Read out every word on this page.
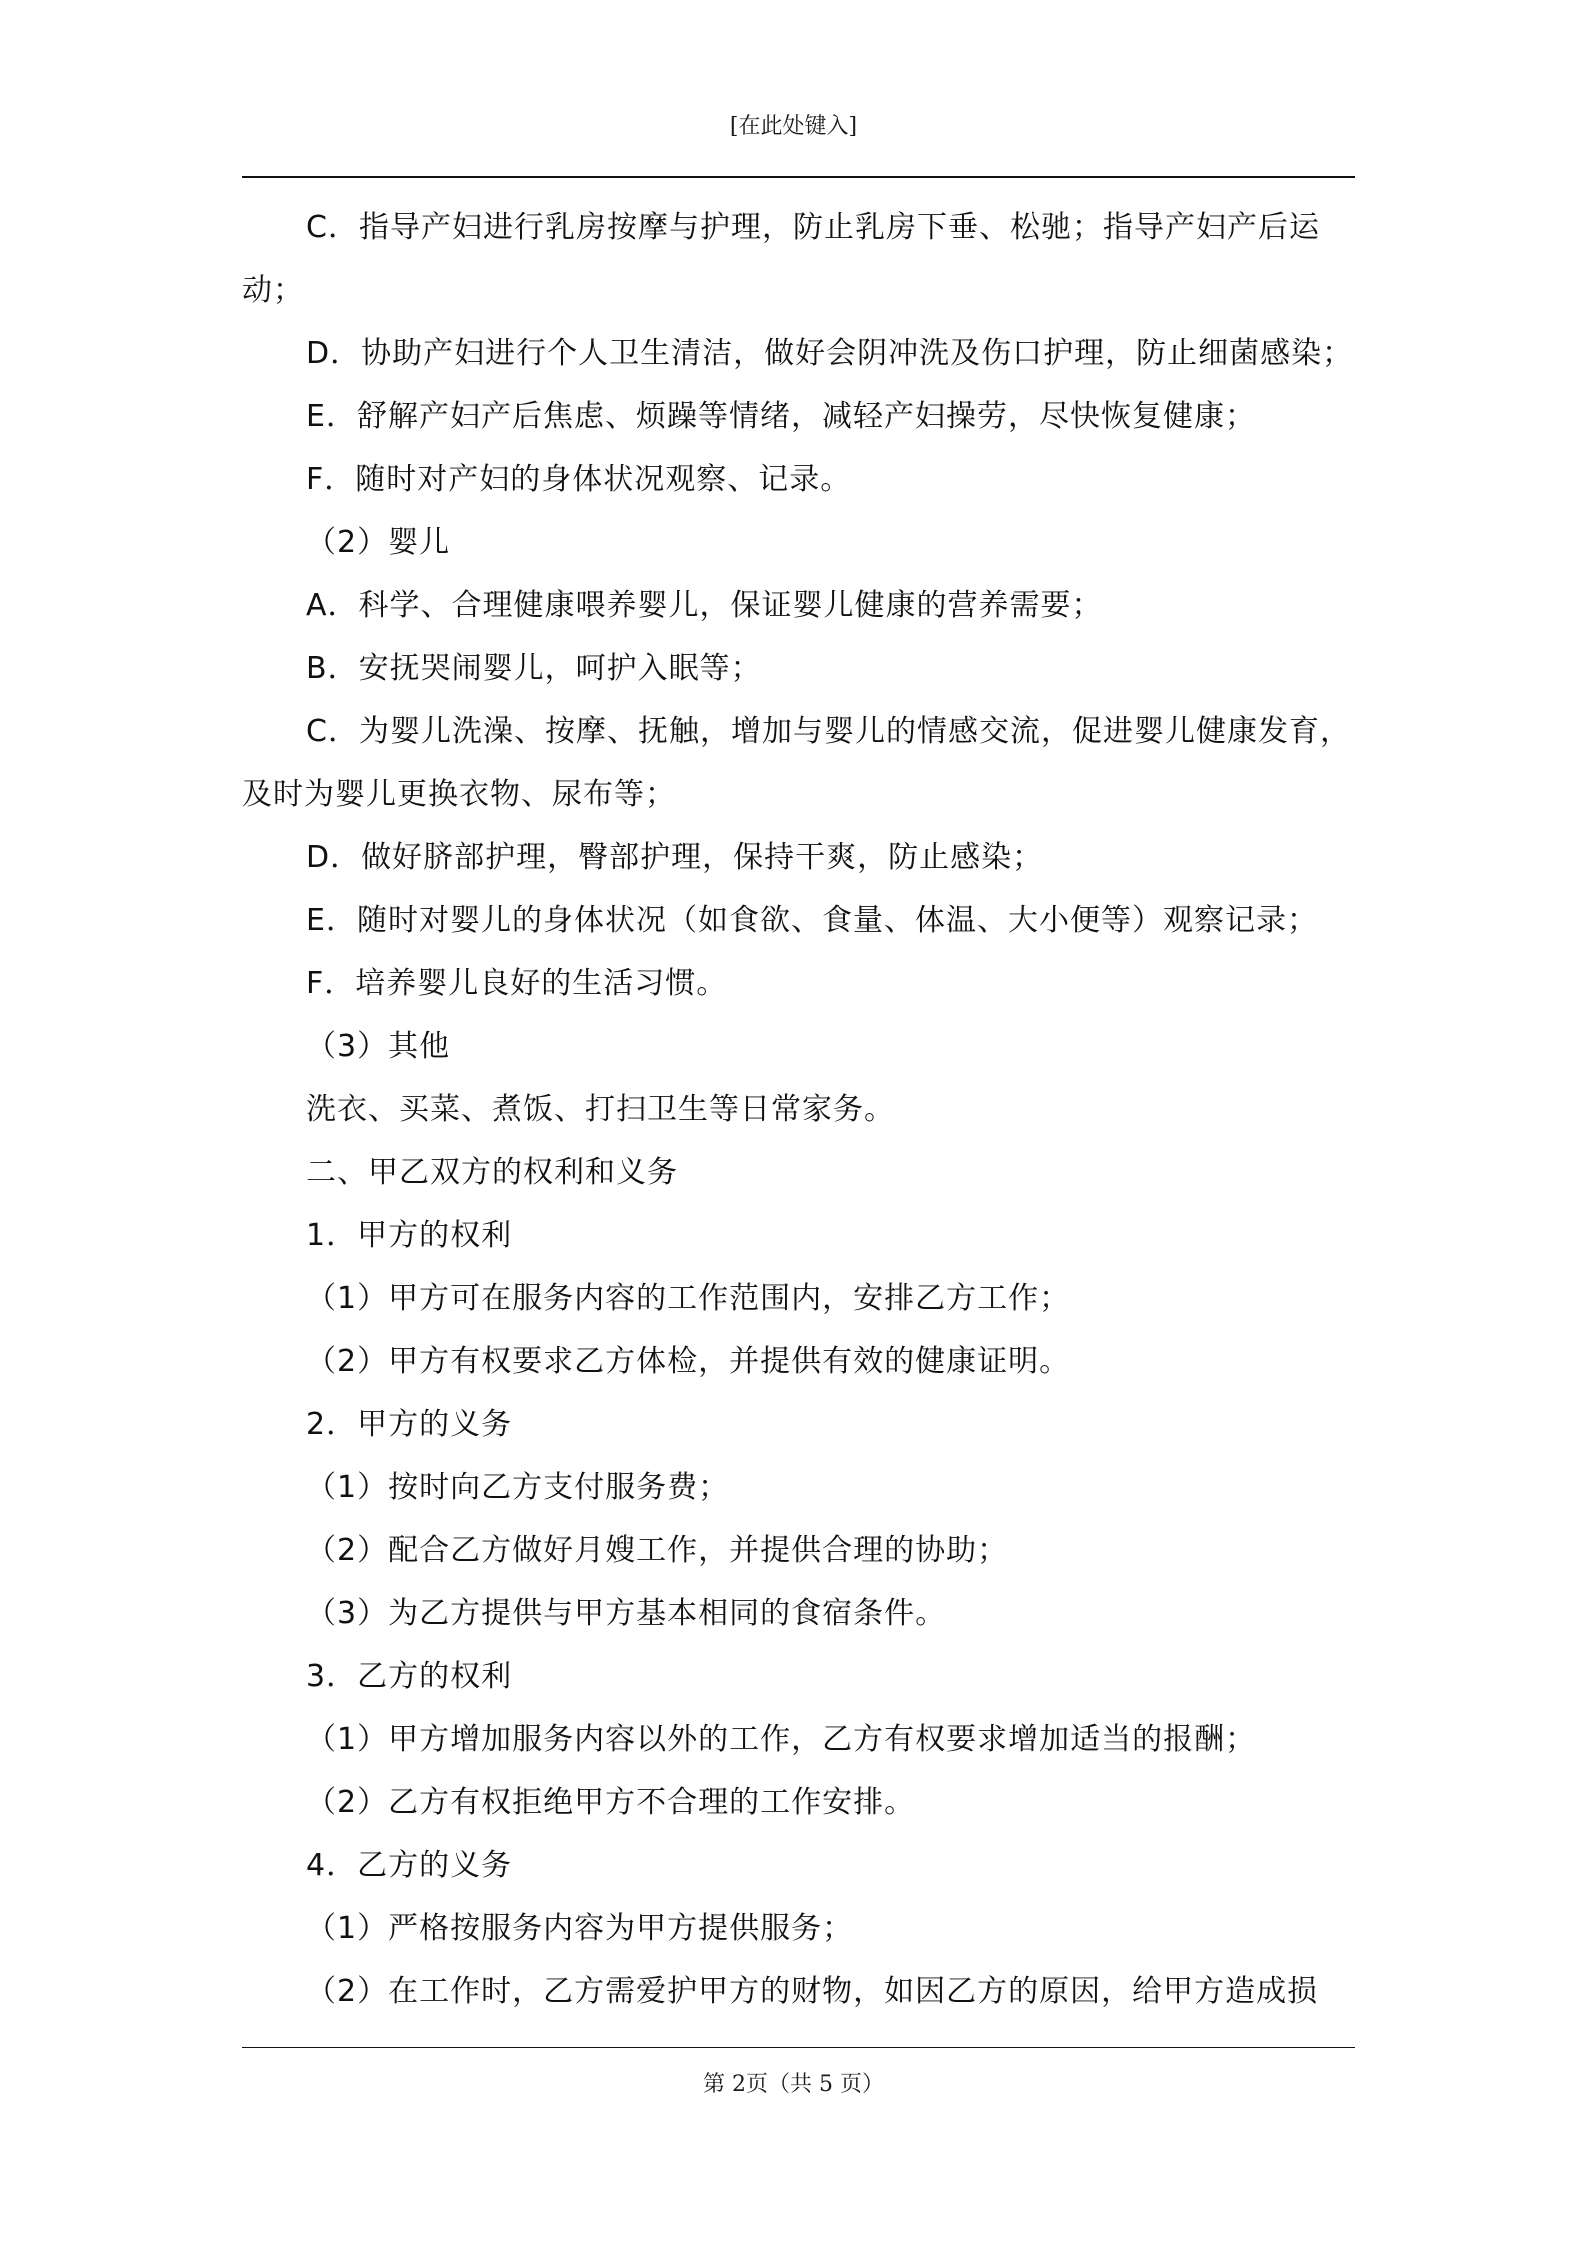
[在此处键入]

C．指导产妇进行乳房按摩与护理，防止乳房下垂、松驰；指导产妇产后运动；

D．协助产妇进行个人卫生清洁，做好会阴冲洗及伤口护理，防止细菌感染；

E．舒解产妇产后焦虑、烦躁等情绪，减轻产妇操劳，尽快恢复健康；

F．随时对产妇的身体状况观察、记录。

（2）婴儿

A．科学、合理健康喂养婴儿，保证婴儿健康的营养需要；

B．安抚哭闹婴儿，呵护入眠等；

C．为婴儿洗澡、按摩、抚触，增加与婴儿的情感交流，促进婴儿健康发育，及时为婴儿更换衣物、尿布等；

D．做好脐部护理，臀部护理，保持干爽，防止感染；

E．随时对婴儿的身体状况（如食欲、食量、体温、大小便等）观察记录；

F．培养婴儿良好的生活习惯。

（3）其他

洗衣、买菜、煮饭、打扫卫生等日常家务。

二、甲乙双方的权利和义务

1．甲方的权利

（1）甲方可在服务内容的工作范围内，安排乙方工作；

（2）甲方有权要求乙方体检，并提供有效的健康证明。

2．甲方的义务

（1）按时向乙方支付服务费；

（2）配合乙方做好月嫂工作，并提供合理的协助；

（3）为乙方提供与甲方基本相同的食宿条件。

3．乙方的权利

（1）甲方增加服务内容以外的工作，乙方有权要求增加适当的报酬；

（2）乙方有权拒绝甲方不合理的工作安排。

4．乙方的义务

（1）严格按服务内容为甲方提供服务；

（2）在工作时，乙方需爱护甲方的财物，如因乙方的原因，给甲方造成损

第 2页（共 5 页）
